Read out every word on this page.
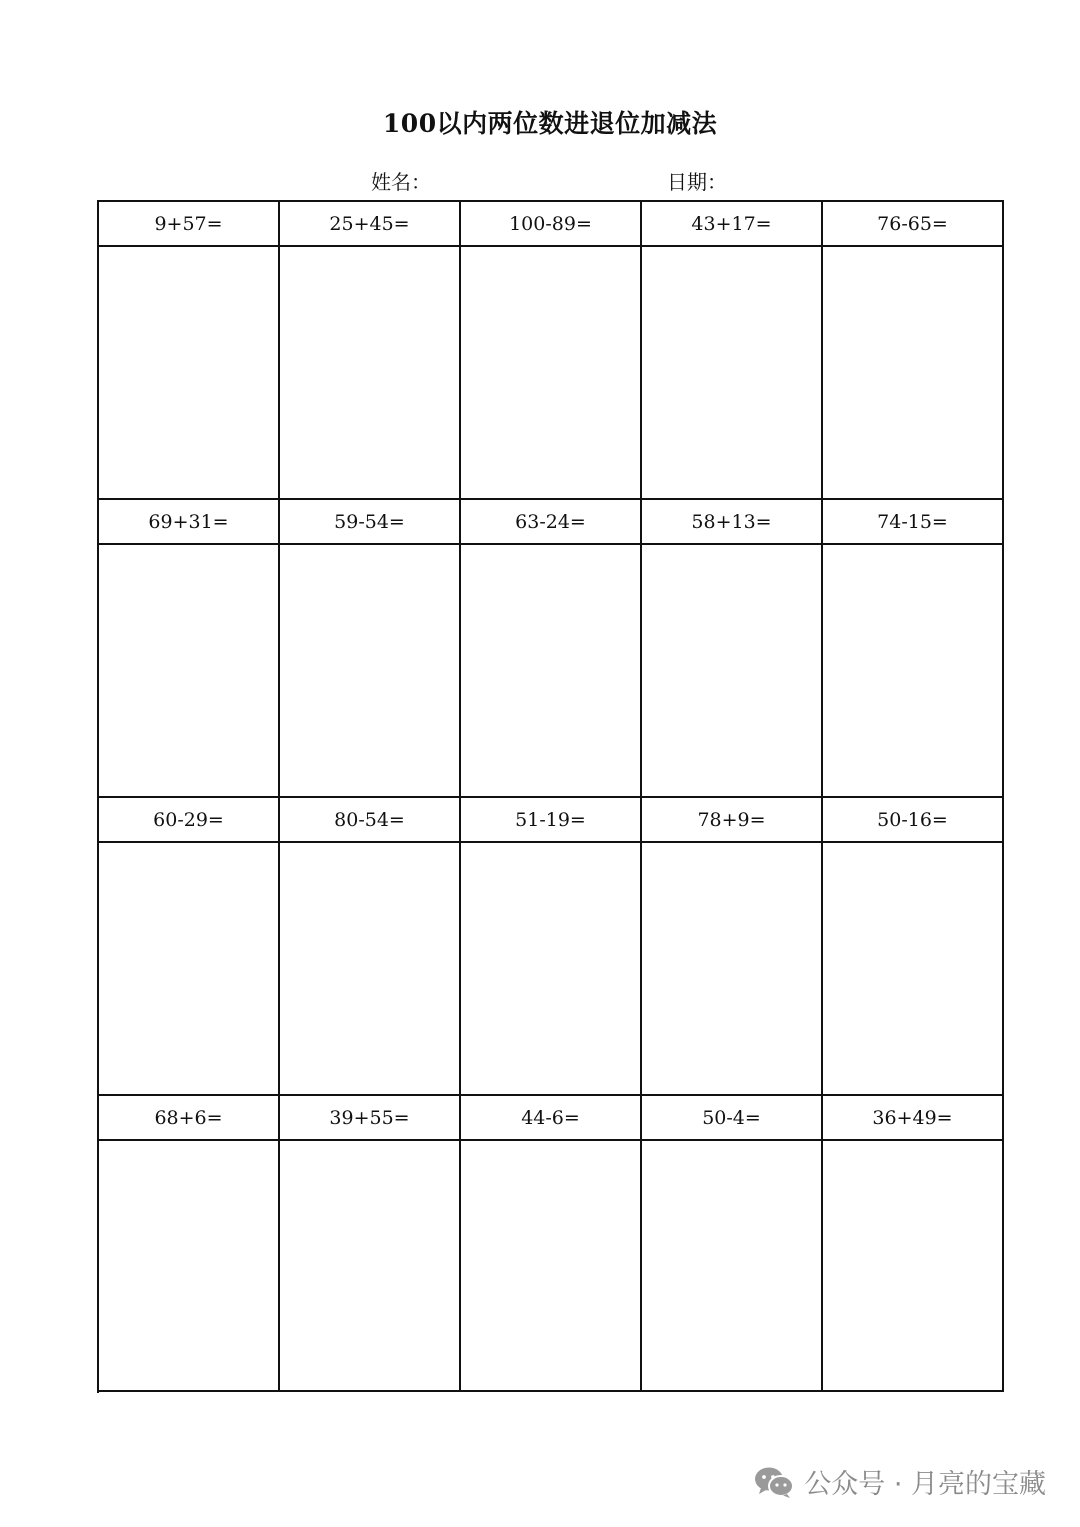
100以内两位数进退位加减法
姓名：	日期：
9+57=	25+45=	100-89=	43+17=	76-65=
69+31=	59-54=	63-24=	58+13=	74-15=
60-29=	80-54=	51-19=	78+9=	50-16=
68+6=	39+55=	44-6=	50-4=	36+49=
公众号 · 月亮的宝藏
